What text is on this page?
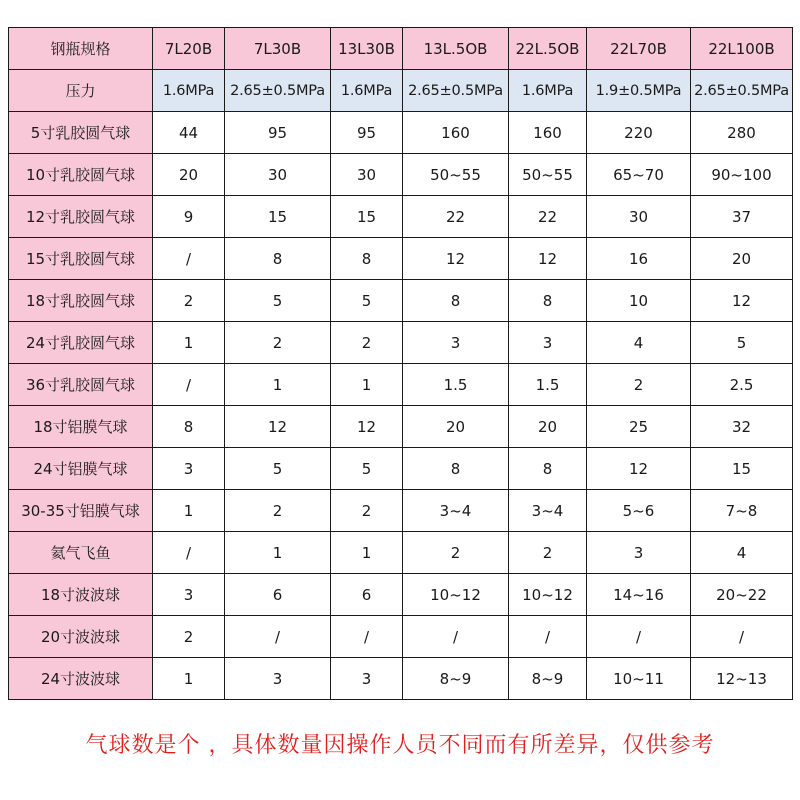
钢瓶规格	7L20B	7L30B	13L30B	13L.5OB	22L.5OB	22L70B	22L100B
压力	1.6MPa	2.65±0.5MPa	1.6MPa	2.65±0.5MPa	1.6MPa	1.9±0.5MPa	2.65±0.5MPa
5寸乳胶圆气球	44	95	95	160	160	220	280
10寸乳胶圆气球	20	30	30	50~55	50~55	65~70	90~100
12寸乳胶圆气球	9	15	15	22	22	30	37
15寸乳胶圆气球	/	8	8	12	12	16	20
18寸乳胶圆气球	2	5	5	8	8	10	12
24寸乳胶圆气球	1	2	2	3	3	4	5
36寸乳胶圆气球	/	1	1	1.5	1.5	2	2.5
18寸铝膜气球	8	12	12	20	20	25	32
24寸铝膜气球	3	5	5	8	8	12	15
30-35寸铝膜气球	1	2	2	3~4	3~4	5~6	7~8
氦气飞鱼	/	1	1	2	2	3	4
18寸波波球	3	6	6	10~12	10~12	14~16	20~22
20寸波波球	2	/	/	/	/	/	/
24寸波波球	1	3	3	8~9	8~9	10~11	12~13
气球数是个 ，具体数量因操作人员不同而有所差异，仅供参考
